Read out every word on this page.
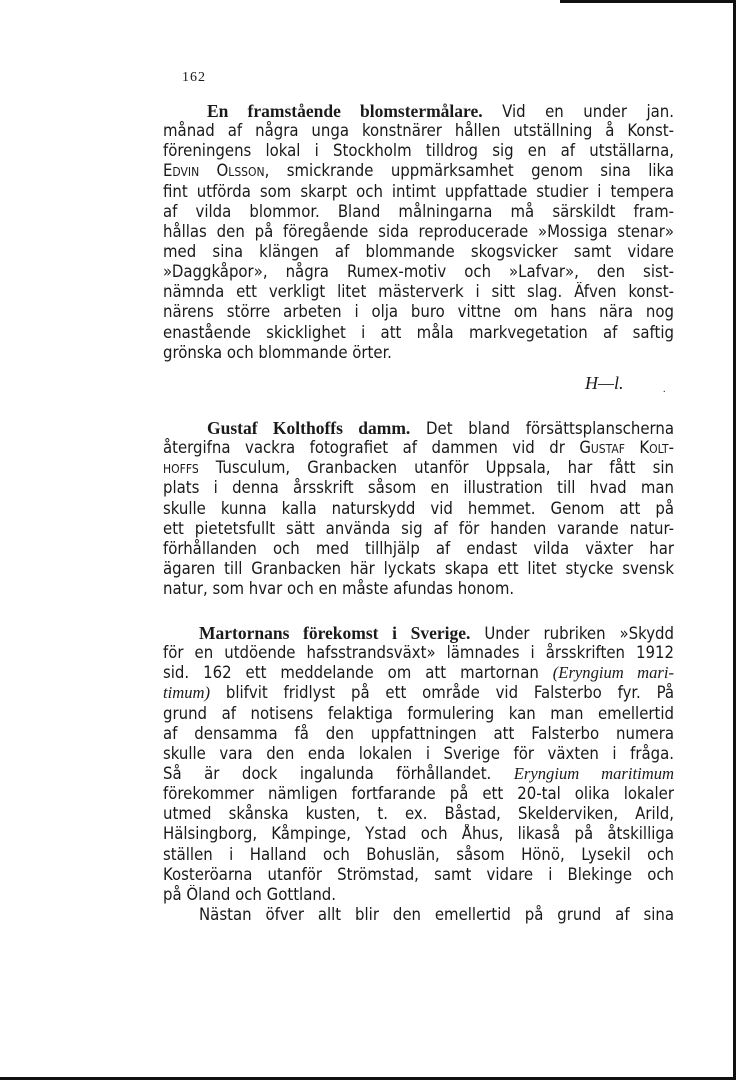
162
En framstående blomstermålare. Vid en under jan.
månad af några unga konstnärer hållen utställning å Konst-
föreningens lokal i Stockholm tilldrog sig en af utställarna,
Edvin Olsson, smickrande uppmärksamhet genom sina lika
fint utförda som skarpt och intimt uppfattade studier i tempera
af vilda blommor. Bland målningarna må särskildt fram-
hållas den på föregående sida reproducerade »Mossiga stenar»
med sina klängen af blommande skogsvicker samt vidare
»Daggkåpor», några Rumex-motiv och »Lafvar», den sist-
nämnda ett verkligt litet mästerverk i sitt slag. Äfven konst-
närens större arbeten i olja buro vittne om hans nära nog
enastående skicklighet i att måla markvegetation af saftig
grönska och blommande örter.
H—l.	.
Gustaf Kolthoffs damm. Det bland försättsplanscherna
återgifna vackra fotografiet af dammen vid dr Gustaf Kolt-
hoffs Tusculum, Granbacken utanför Uppsala, har fått sin
plats i denna årsskrift såsom en illustration till hvad man
skulle kunna kalla naturskydd vid hemmet. Genom att på
ett pietetsfullt sätt använda sig af för handen varande natur-
förhållanden och med tillhjälp af endast vilda växter har
ägaren till Granbacken här lyckats skapa ett litet stycke svensk
natur, som hvar och en måste afundas honom.
Martornans förekomst i Sverige. Under rubriken »Skydd
för en utdöende hafsstrandsväxt» lämnades i årsskriften 1912
sid. 162 ett meddelande om att martornan (Eryngium mari-
timum) blifvit fridlyst på ett område vid Falsterbo fyr. På
grund af notisens felaktiga formulering kan man emellertid
af densamma få den uppfattningen att Falsterbo numera
skulle vara den enda lokalen i Sverige för växten i fråga.
Så är dock ingalunda förhållandet. Eryngium maritimum
förekommer nämligen fortfarande på ett 20-tal olika lokaler
utmed skånska kusten, t. ex. Båstad, Skelderviken, Arild,
Hälsingborg, Kåmpinge, Ystad och Åhus, likaså på åtskilliga
ställen i Halland och Bohuslän, såsom Hönö, Lysekil och
Kosteröarna utanför Strömstad, samt vidare i Blekinge och
på Öland och Gottland.
Nästan öfver allt blir den emellertid på grund af sina
